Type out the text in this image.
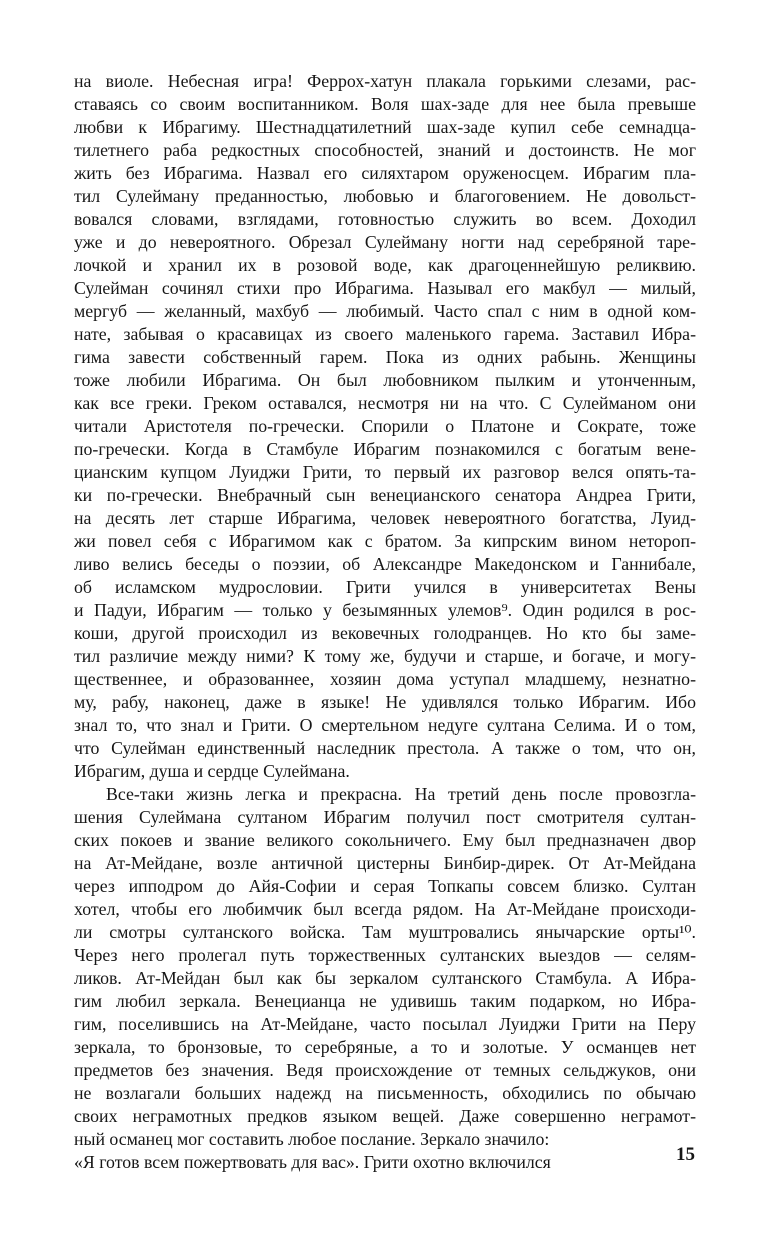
на виоле. Небесная игра! Феррох-хатун плакала горькими слезами, рас-
ставаясь со своим воспитанником. Воля шах-заде для нее была превыше
любви к Ибрагиму. Шестнадцатилетний шах-заде купил себе семнадца-
тилетнего раба редкостных способностей, знаний и достоинств. Не мог
жить без Ибрагима. Назвал его силяхтаром оруженосцем. Ибрагим пла-
тил Сулейману преданностью, любовью и благоговением. Не довольст-
вовался словами, взглядами, готовностью служить во всем. Доходил
уже и до невероятного. Обрезал Сулейману ногти над серебряной таре-
лочкой и хранил их в розовой воде, как драгоценнейшую реликвию.
Сулейман сочинял стихи про Ибрагима. Называл его макбул — милый,
мергуб — желанный, махбуб — любимый. Часто спал с ним в одной ком-
нате, забывая о красавицах из своего маленького гарема. Заставил Ибра-
гима завести собственный гарем. Пока из одних рабынь. Женщины
тоже любили Ибрагима. Он был любовником пылким и утонченным,
как все греки. Греком оставался, несмотря ни на что. С Сулейманом они
читали Аристотеля по-гречески. Спорили о Платоне и Сократе, тоже
по-гречески. Когда в Стамбуле Ибрагим познакомился с богатым вене-
цианским купцом Луиджи Грити, то первый их разговор велся опять-та-
ки по-гречески. Внебрачный сын венецианского сенатора Андреа Грити,
на десять лет старше Ибрагима, человек невероятного богатства, Луид-
жи повел себя с Ибрагимом как с братом. За кипрским вином нетороп-
ливо велись беседы о поэзии, об Александре Македонском и Ганнибале,
об исламском мудрословии. Грити учился в университетах Вены
и Падуи, Ибрагим — только у безымянных улемов⁹. Один родился в рос-
коши, другой происходил из вековечных голодранцев. Но кто бы заме-
тил различие между ними? К тому же, будучи и старше, и богаче, и могу-
щественнее, и образованнее, хозяин дома уступал младшему, незнатно-
му, рабу, наконец, даже в языке! Не удивлялся только Ибрагим. Ибо
знал то, что знал и Грити. О смертельном недуге султана Селима. И о том,
что Сулейман единственный наследник престола. А также о том, что он,
Ибрагим, душа и сердце Сулеймана.
Все-таки жизнь легка и прекрасна. На третий день после провозгла-
шения Сулеймана султаном Ибрагим получил пост смотрителя султан-
ских покоев и звание великого сокольничего. Ему был предназначен двор
на Ат-Мейдане, возле античной цистерны Бинбир-дирек. От Ат-Мейдана
через ипподром до Айя-Софии и серая Топкапы совсем близко. Султан
хотел, чтобы его любимчик был всегда рядом. На Ат-Мейдане происходи-
ли смотры султанского войска. Там муштровались янычарские орты¹⁰.
Через него пролегал путь торжественных султанских выездов — селям-
ликов. Ат-Мейдан был как бы зеркалом султанского Стамбула. А Ибра-
гим любил зеркала. Венецианца не удивишь таким подарком, но Ибра-
гим, поселившись на Ат-Мейдане, часто посылал Луиджи Грити на Перу
зеркала, то бронзовые, то серебряные, а то и золотые. У османцев нет
предметов без значения. Ведя происхождение от темных сельджуков, они
не возлагали больших надежд на письменность, обходились по обычаю
своих неграмотных предков языком вещей. Даже совершенно неграмот-
ный османец мог составить любое послание. Зеркало значило:
«Я готов всем пожертвовать для вас». Грити охотно включился	15
